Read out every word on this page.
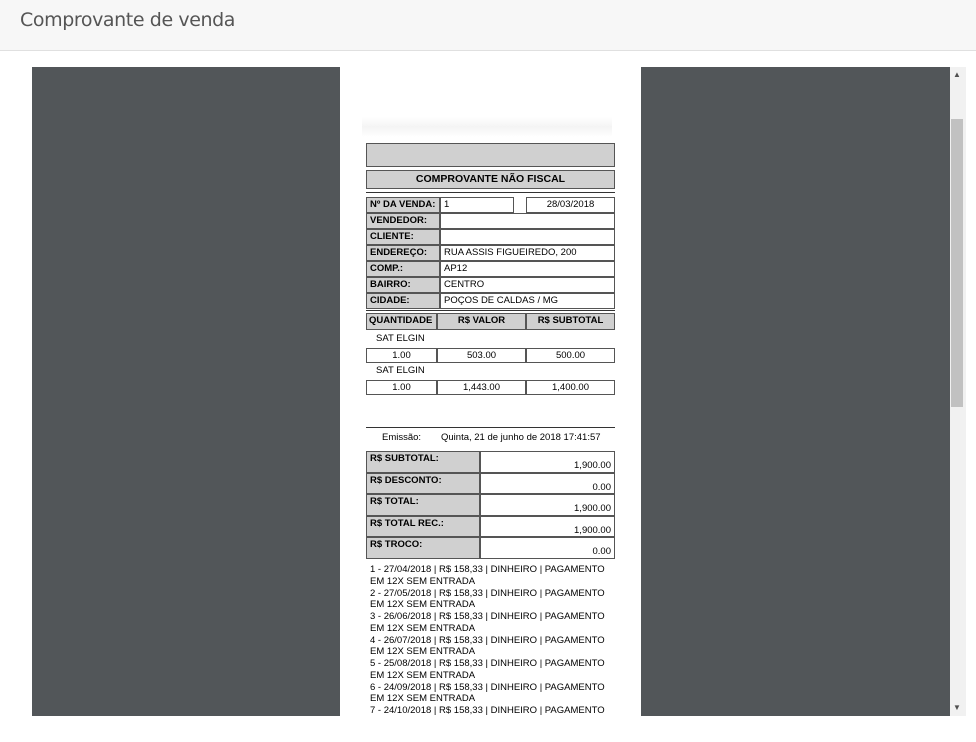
Comprovante de venda
COMPROVANTE NÃO FISCAL
Nº DA VENDA: 1	28/03/2018
VENDEDOR:
CLIENTE:
ENDEREÇO:	RUA ASSIS FIGUEIREDO, 200
COMP.:	AP12
BAIRRO:	CENTRO
CIDADE:	POÇOS DE CALDAS / MG
QUANTIDADE	R$ VALOR	R$ SUBTOTAL
SAT ELGIN
1.00	503.00	500.00
SAT ELGIN
1.00	1,443.00	1,400.00
Emissão: Quinta, 21 de junho de 2018 17:41:57
R$ SUBTOTAL:
1,900.00
R$ DESCONTO:
0.00
R$ TOTAL:
1,900.00
R$ TOTAL REC.:
1,900.00
R$ TROCO:
0.00
1 - 27/04/2018 | R$ 158,33 | DINHEIRO | PAGAMENTO EM 12X SEM ENTRADA
2 - 27/05/2018 | R$ 158,33 | DINHEIRO | PAGAMENTO EM 12X SEM ENTRADA
3 - 26/06/2018 | R$ 158,33 | DINHEIRO | PAGAMENTO EM 12X SEM ENTRADA
4 - 26/07/2018 | R$ 158,33 | DINHEIRO | PAGAMENTO EM 12X SEM ENTRADA
5 - 25/08/2018 | R$ 158,33 | DINHEIRO | PAGAMENTO EM 12X SEM ENTRADA
6 - 24/09/2018 | R$ 158,33 | DINHEIRO | PAGAMENTO EM 12X SEM ENTRADA
7 - 24/10/2018 | R$ 158,33 | DINHEIRO | PAGAMENTO
▲
▼
